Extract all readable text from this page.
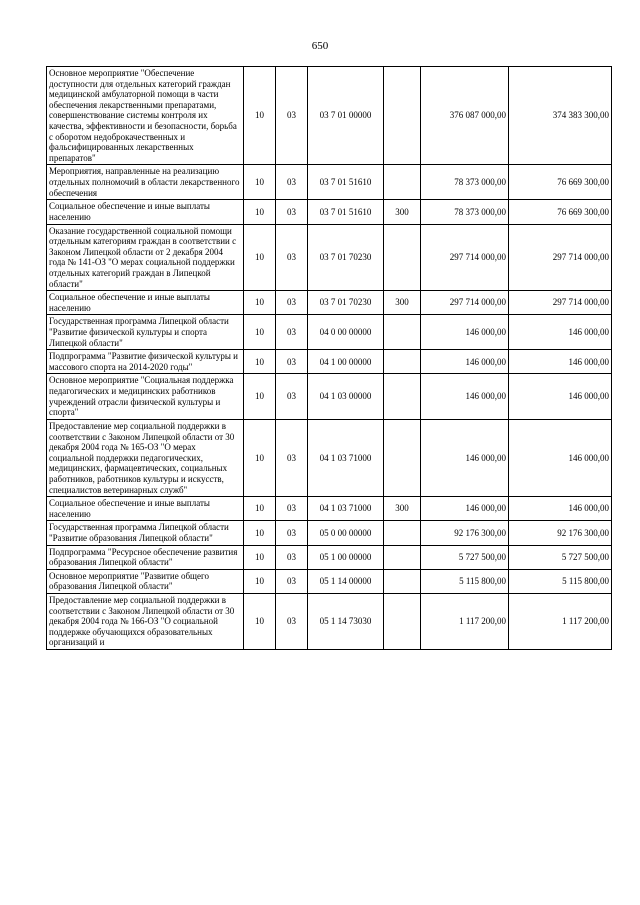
650
Основное мероприятие "Обеспечение доступности для отдельных категорий граждан медицинской амбулаторной помощи в части обеспечения лекарственными препаратами, совершенствование системы контроля их качества, эффективности и безопасности, борьба с оборотом недоброкачественных и фальсифицированных лекарственных препаратов"	10	03	03 7 01 00000		376 087 000,00	374 383 300,00
Мероприятия, направленные на реализацию отдельных полномочий в области лекарственного обеспечения	10	03	03 7 01 51610		78 373 000,00	76 669 300,00
Социальное обеспечение и иные выплаты населению	10	03	03 7 01 51610	300	78 373 000,00	76 669 300,00
Оказание государственной социальной помощи отдельным категориям граждан в соответствии с Законом Липецкой области от 2 декабря 2004 года № 141-ОЗ "О мерах социальной поддержки отдельных категорий граждан в Липецкой области"	10	03	03 7 01 70230		297 714 000,00	297 714 000,00
Социальное обеспечение и иные выплаты населению	10	03	03 7 01 70230	300	297 714 000,00	297 714 000,00
Государственная программа Липецкой области "Развитие физической культуры и спорта Липецкой области"	10	03	04 0 00 00000		146 000,00	146 000,00
Подпрограмма "Развитие физической культуры и массового спорта на 2014-2020 годы"	10	03	04 1 00 00000		146 000,00	146 000,00
Основное мероприятие "Социальная поддержка педагогических и медицинских работников учреждений отрасли физической культуры и спорта"	10	03	04 1 03 00000		146 000,00	146 000,00
Предоставление мер социальной поддержки в соответствии с Законом Липецкой области от 30 декабря 2004 года № 165-ОЗ "О мерах социальной поддержки педагогических, медицинских, фармацевтических, социальных работников, работников культуры и искусств, специалистов ветеринарных служб"	10	03	04 1 03 71000		146 000,00	146 000,00
Социальное обеспечение и иные выплаты населению	10	03	04 1 03 71000	300	146 000,00	146 000,00
Государственная программа Липецкой области "Развитие образования Липецкой области"	10	03	05 0 00 00000		92 176 300,00	92 176 300,00
Подпрограмма "Ресурсное обеспечение развития образования Липецкой области"	10	03	05 1 00 00000		5 727 500,00	5 727 500,00
Основное мероприятие "Развитие общего образования Липецкой области"	10	03	05 1 14 00000		5 115 800,00	5 115 800,00
Предоставление мер социальной поддержки в соответствии с Законом Липецкой области от 30 декабря 2004 года № 166-ОЗ "О социальной поддержке обучающихся образовательных организаций и	10	03	05 1 14 73030		1 117 200,00	1 117 200,00
